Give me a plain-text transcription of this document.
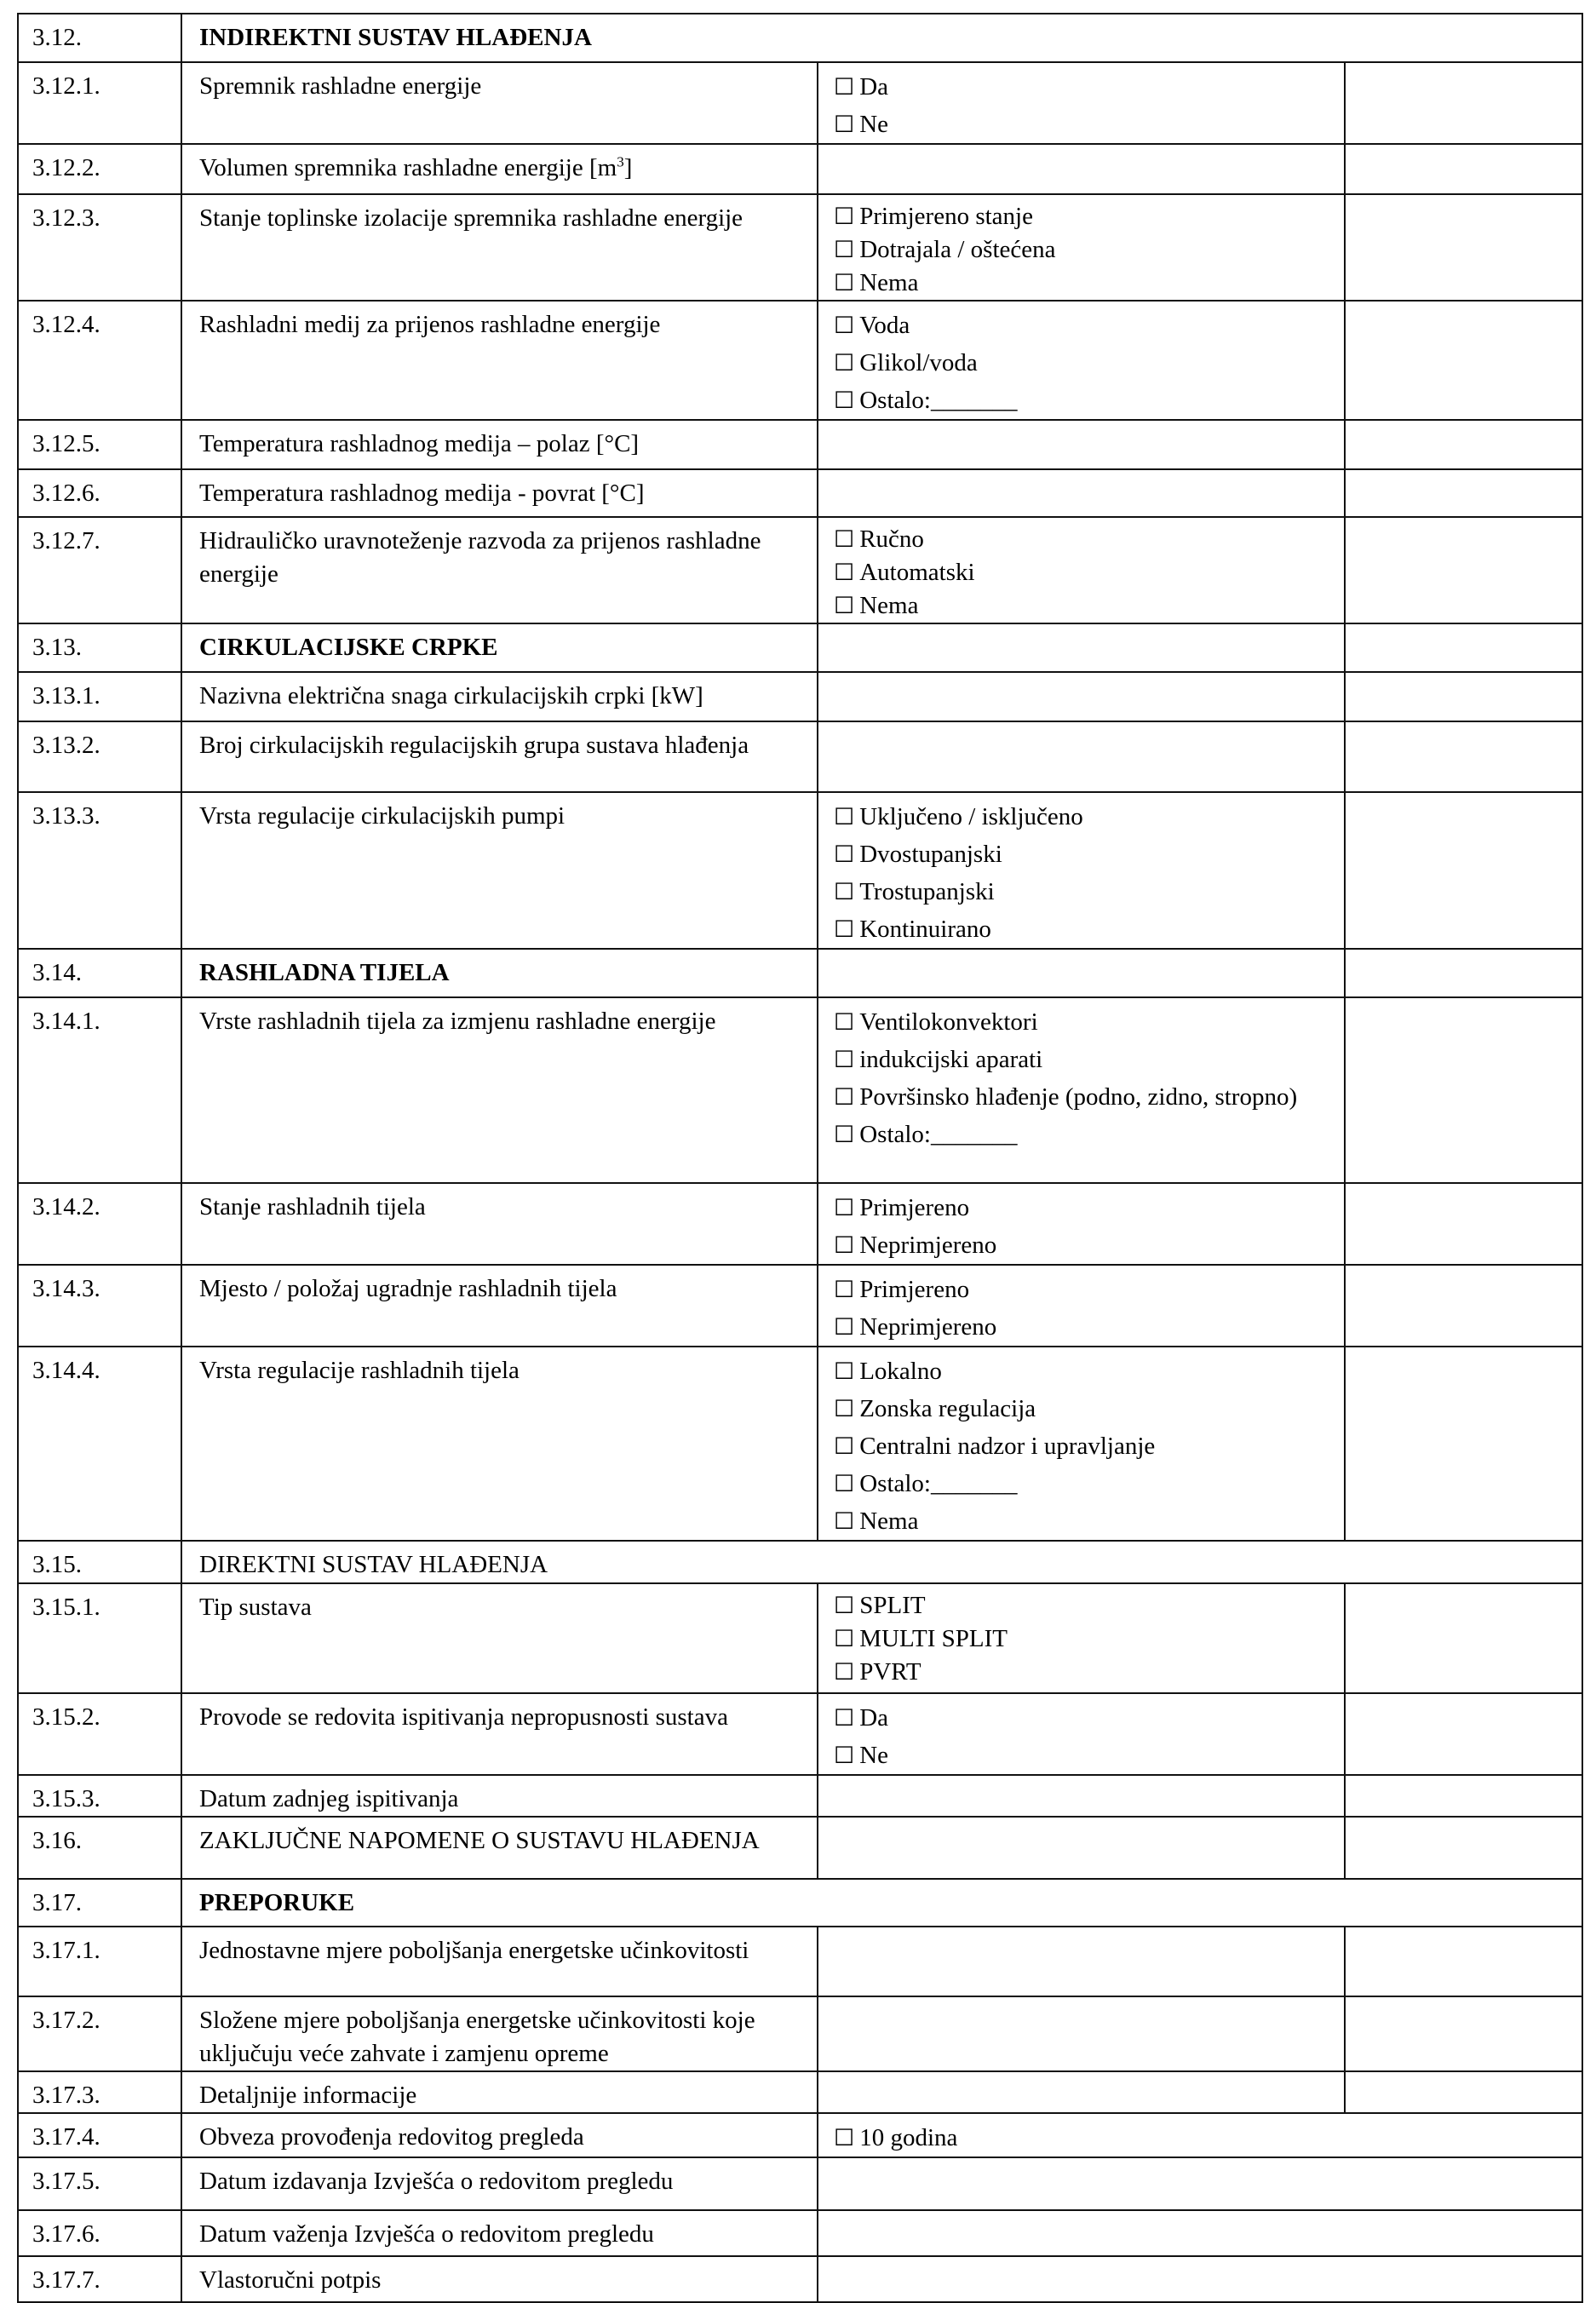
3.12.	INDIREKTNI SUSTAV HLAĐENJA		
3.12.1.	Spremnik rashladne energije	☐ Da
☐ Ne	

3.12.2.	Volumen spremnika rashladne energije $[m^3]$		
3.12.3.	Stanje toplinske izolacije spremnika rashladne energije	☐ Primjereno stanje
☐ Dotrajala / oštećena
☐ Nema	

3.12.4.	Rashladni medij za prijenos rashladne energije	☐ Voda
☐ Glikol/voda
☐ Ostalo:_______	

3.12.5.	Temperatura rashladnog medija – polaz [°C]		
3.12.6.	Temperatura rashladnog medija - povrat [°C]		
3.12.7.	Hidrauličko uravnoteženje razvoda za prijenos rashladne energije	☐ Ručno
☐ Automatski
☐ Nema	

3.13.	CIRKULACIJSKE CRPKE		
3.13.1.	Nazivna električna snaga cirkulacijskih crpki [kW]		
3.13.2.	Broj cirkulacijskih regulacijskih grupa sustava hlađenja		
3.13.3.	Vrsta regulacije cirkulacijskih pumpi	☐ Uključeno / isključeno
☐ Dvostupanjski
☐ Trostupanjski
☐ Kontinuirano	

3.14.	RASHLADNA TIJELA		
3.14.1.	Vrste rashladnih tijela za izmjenu rashladne energije	☐ Ventilokonvektori
☐ indukcijski aparati
☐ Površinsko hlađenje (podno, zidno, stropno)
☐ Ostalo:_______	

3.14.2.	Stanje rashladnih tijela	☐ Primjereno
☐ Neprimjereno	

3.14.3.	Mjesto / položaj ugradnje rashladnih tijela	☐ Primjereno
☐ Neprimjereno	

3.14.4.	Vrsta regulacije rashladnih tijela	☐ Lokalno
☐ Zonska regulacija
☐ Centralni nadzor i upravljanje
☐ Ostalo:_______
☐ Nema	

3.15.	DIREKTNI SUSTAV HLAĐENJA		
3.15.1.	Tip sustava	☐ SPLIT
☐ MULTI SPLIT
☐ PVRT	

3.15.2.	Provode se redovita ispitivanja nepropusnosti sustava	☐ Da
☐ Ne	

3.15.3.	Datum zadnjeg ispitivanja		
3.16.	ZAKLJUČNE NAPOMENE O SUSTAVU HLAĐENJA		
3.17.	PREPORUKE		
3.17.1.	Jednostavne mjere poboljšanja energetske učinkovitosti		
3.17.2.	Složene mjere poboljšanja energetske učinkovitosti koje uključuju veće zahvate i zamjenu opreme		
3.17.3.	Detaljnije informacije		
3.17.4.	Obveza provođenja redovitog pregleda	☐ 10 godina	

3.17.5.	Datum izdavanja Izvješća o redovitom pregledu		
3.17.6.	Datum važenja Izvješća o redovitom pregledu		
3.17.7.	Vlastoručni potpis		
